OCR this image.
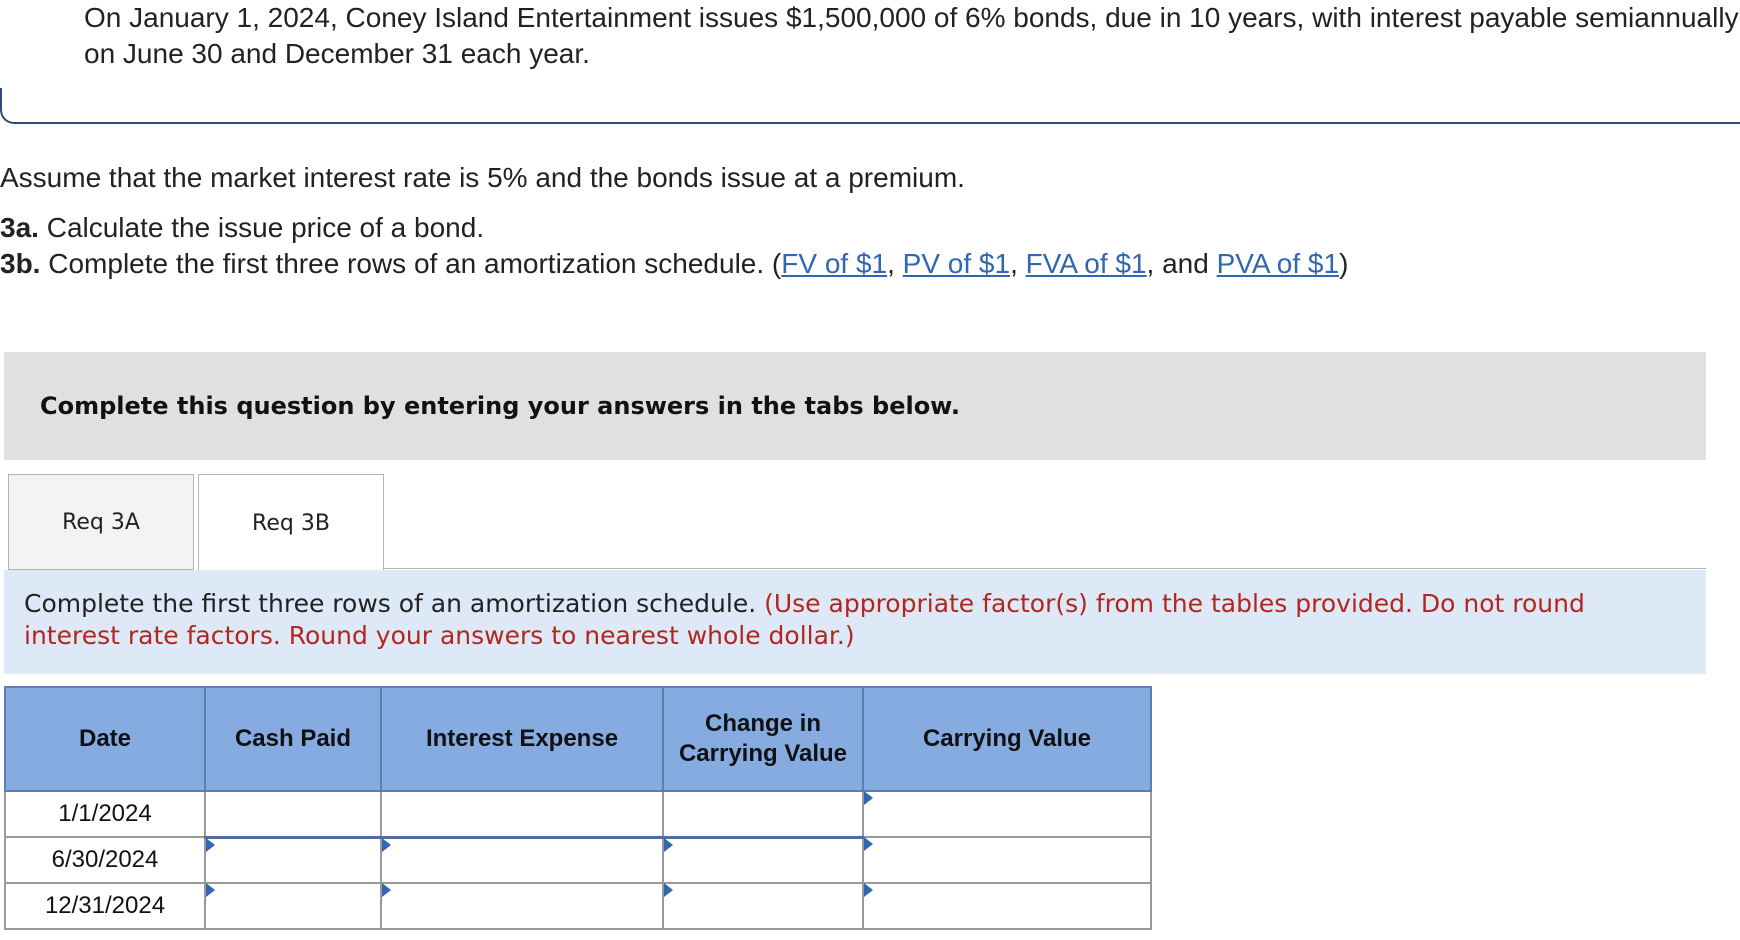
On January 1, 2024, Coney Island Entertainment issues $1,500,000 of 6% bonds, due in 10 years, with interest payable semiannually on June 30 and December 31 each year.
Assume that the market interest rate is 5% and the bonds issue at a premium.
3a. Calculate the issue price of a bond.
3b. Complete the first three rows of an amortization schedule. (FV of $1, PV of $1, FVA of $1, and PVA of $1)
Complete this question by entering your answers in the tabs below.
Req 3A	Req 3B
Complete the first three rows of an amortization schedule. (Use appropriate factor(s) from the tables provided. Do not round interest rate factors. Round your answers to nearest whole dollar.)
Date	Cash Paid	Interest Expense	Change in Carrying Value	Carrying Value
1/1/2024				

6/30/2024	

12/31/2024	
